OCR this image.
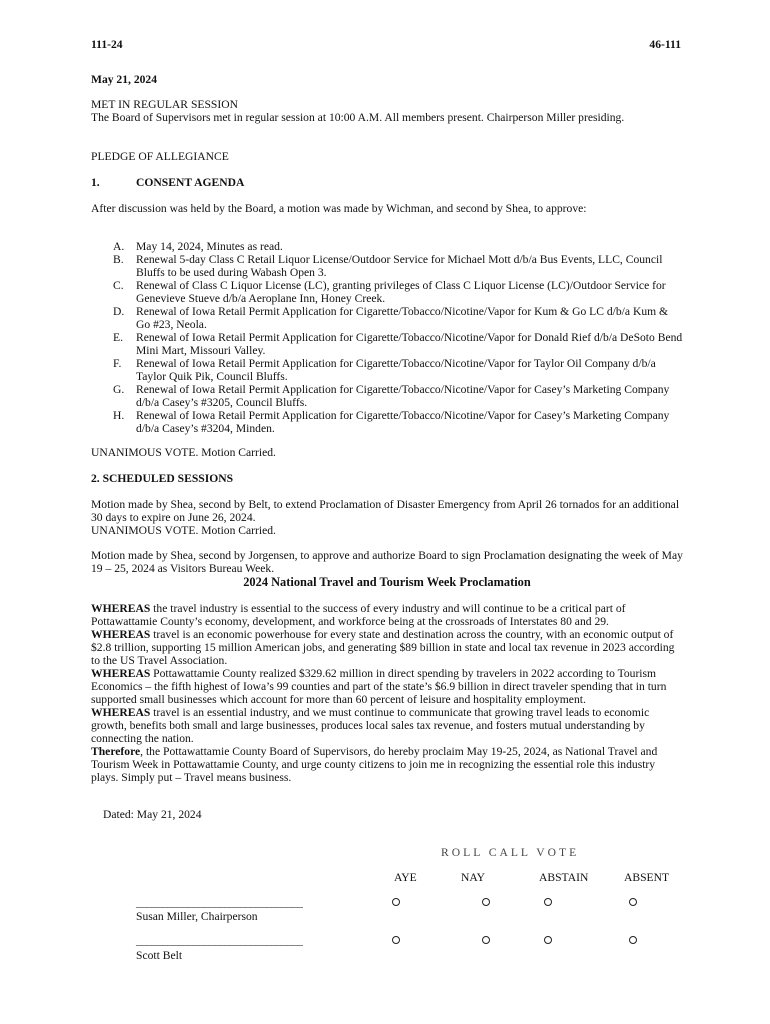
111-24	46-111
May 21, 2024
MET IN REGULAR SESSION
The Board of Supervisors met in regular session at 10:00 A.M. All members present. Chairperson Miller presiding.
PLEDGE OF ALLEGIANCE
1.	CONSENT AGENDA
After discussion was held by the Board, a motion was made by Wichman, and second by Shea, to approve:
A. May 14, 2024, Minutes as read.
B. Renewal 5-day Class C Retail Liquor License/Outdoor Service for Michael Mott d/b/a Bus Events, LLC, Council Bluffs to be used during Wabash Open 3.
C. Renewal of Class C Liquor License (LC), granting privileges of Class C Liquor License (LC)/Outdoor Service for Genevieve Stueve d/b/a Aeroplane Inn, Honey Creek.
D. Renewal of Iowa Retail Permit Application for Cigarette/Tobacco/Nicotine/Vapor for Kum & Go LC d/b/a Kum & Go #23, Neola.
E. Renewal of Iowa Retail Permit Application for Cigarette/Tobacco/Nicotine/Vapor for Donald Rief d/b/a DeSoto Bend Mini Mart, Missouri Valley.
F. Renewal of Iowa Retail Permit Application for Cigarette/Tobacco/Nicotine/Vapor for Taylor Oil Company d/b/a Taylor Quik Pik, Council Bluffs.
G. Renewal of Iowa Retail Permit Application for Cigarette/Tobacco/Nicotine/Vapor for Casey’s Marketing Company d/b/a Casey’s #3205, Council Bluffs.
H. Renewal of Iowa Retail Permit Application for Cigarette/Tobacco/Nicotine/Vapor for Casey’s Marketing Company d/b/a Casey’s #3204, Minden.
UNANIMOUS VOTE. Motion Carried.
2. SCHEDULED SESSIONS
Motion made by Shea, second by Belt, to extend Proclamation of Disaster Emergency from April 26 tornados for an additional 30 days to expire on June 26, 2024.
UNANIMOUS VOTE. Motion Carried.
Motion made by Shea, second by Jorgensen, to approve and authorize Board to sign Proclamation designating the week of May 19 – 25, 2024 as Visitors Bureau Week.
2024 National Travel and Tourism Week Proclamation
WHEREAS the travel industry is essential to the success of every industry and will continue to be a critical part of Pottawattamie County’s economy, development, and workforce being at the crossroads of Interstates 80 and 29.
WHEREAS travel is an economic powerhouse for every state and destination across the country, with an economic output of $2.8 trillion, supporting 15 million American jobs, and generating $89 billion in state and local tax revenue in 2023 according to the US Travel Association.
WHEREAS Pottawattamie County realized $329.62 million in direct spending by travelers in 2022 according to Tourism Economics – the fifth highest of Iowa’s 99 counties and part of the state’s $6.9 billion in direct traveler spending that in turn supported small businesses which account for more than 60 percent of leisure and hospitality employment.
WHEREAS travel is an essential industry, and we must continue to communicate that growing travel leads to economic growth, benefits both small and large businesses, produces local sales tax revenue, and fosters mutual understanding by connecting the nation.
Therefore, the Pottawattamie County Board of Supervisors, do hereby proclaim May 19-25, 2024, as National Travel and Tourism Week in Pottawattamie County, and urge county citizens to join me in recognizing the essential role this industry plays. Simply put – Travel means business.
Dated: May 21, 2024
ROLL CALL VOTE
AYE	NAY	ABSTAIN	ABSENT
________________________________
Susan Miller, Chairperson
________________________________
Scott Belt
